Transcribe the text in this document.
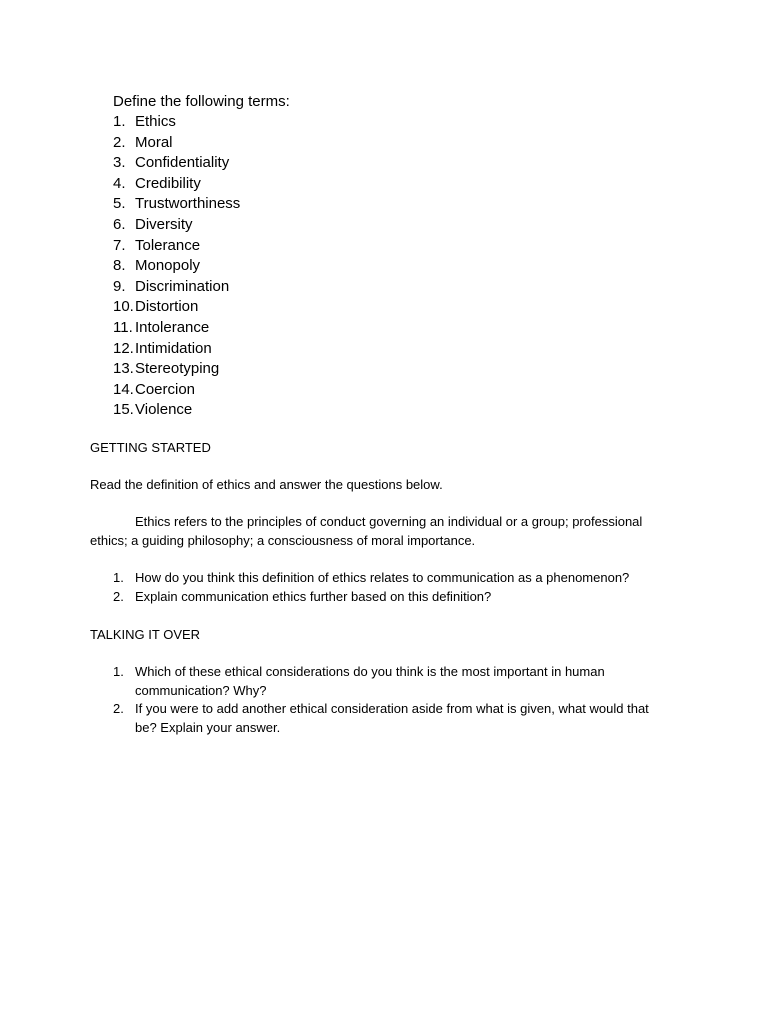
Define the following terms:
1. Ethics
2. Moral
3. Confidentiality
4. Credibility
5. Trustworthiness
6. Diversity
7. Tolerance
8. Monopoly
9. Discrimination
10.Distortion
11. Intolerance
12.Intimidation
13.Stereotyping
14.Coercion
15.Violence
GETTING STARTED
Read the definition of ethics and answer the questions below.
Ethics refers to the principles of conduct governing an individual or a group; professional ethics; a guiding philosophy; a consciousness of moral importance.
1. How do you think this definition of ethics relates to communication as a phenomenon?
2. Explain communication ethics further based on this definition?
TALKING IT OVER
1. Which of these ethical considerations do you think is the most important in human communication? Why?
2. If you were to add another ethical consideration aside from what is given, what would that be? Explain your answer.
